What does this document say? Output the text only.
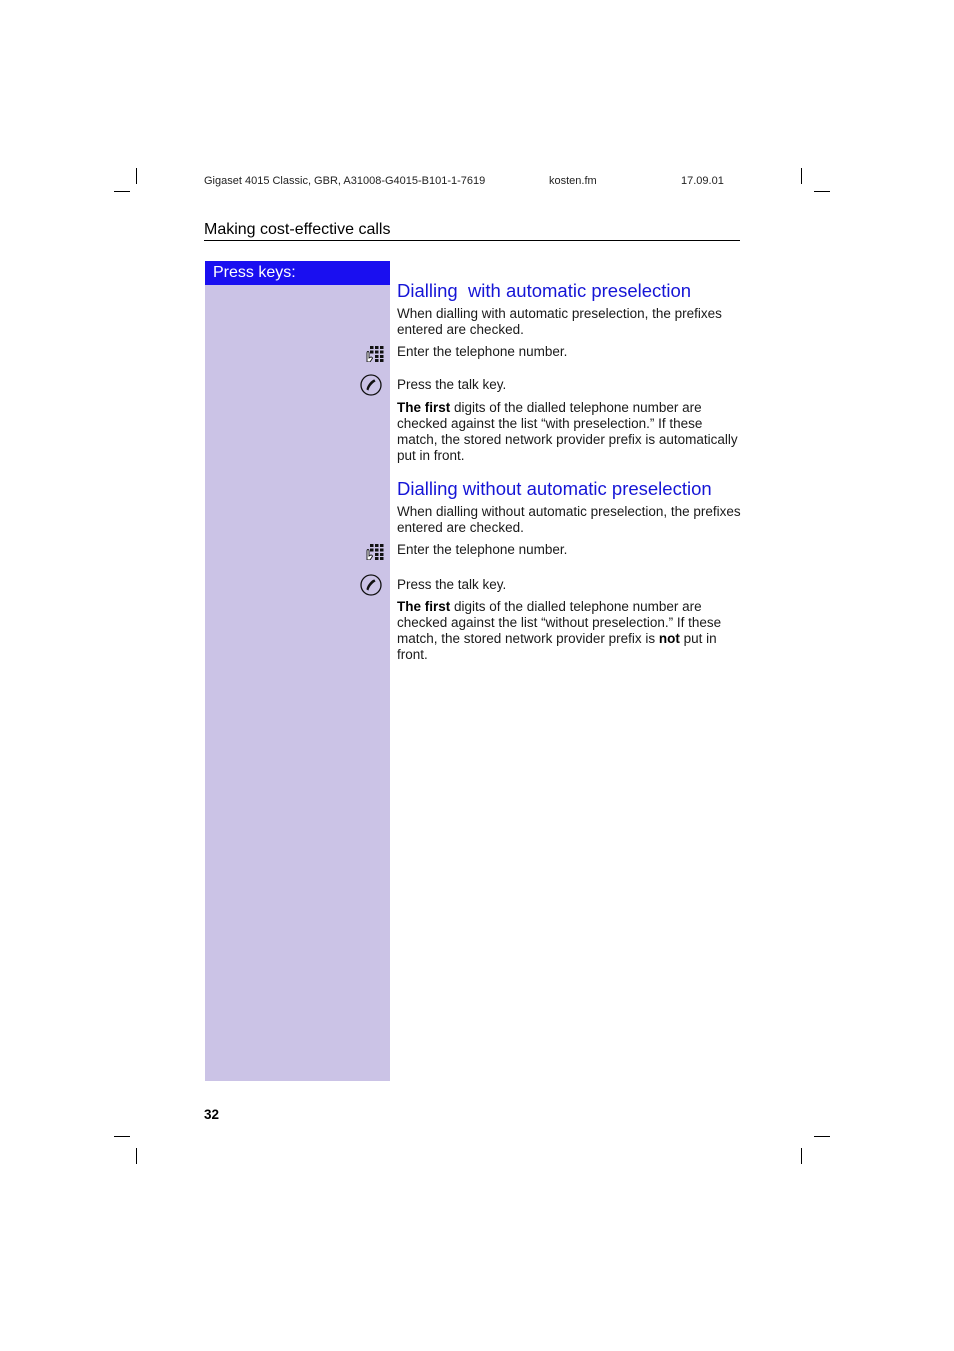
Gigaset 4015 Classic, GBR, A31008-G4015-B101-1-7619	kosten.fm	17.09.01
Making cost-effective calls
Press keys:
Dialling  with automatic preselection
When dialling with automatic preselection, the prefixes entered are checked.
Enter the telephone number.
Press the talk key.
The first digits of the dialled telephone number are checked against the list “with preselection.” If these match, the stored network provider prefix is automatically put in front.
Dialling without automatic preselection
When dialling without automatic preselection, the prefixes entered are checked.
Enter the telephone number.
Press the talk key.
The first digits of the dialled telephone number are checked against the list “without preselection.” If these match, the stored network provider prefix is not put in front.
32
